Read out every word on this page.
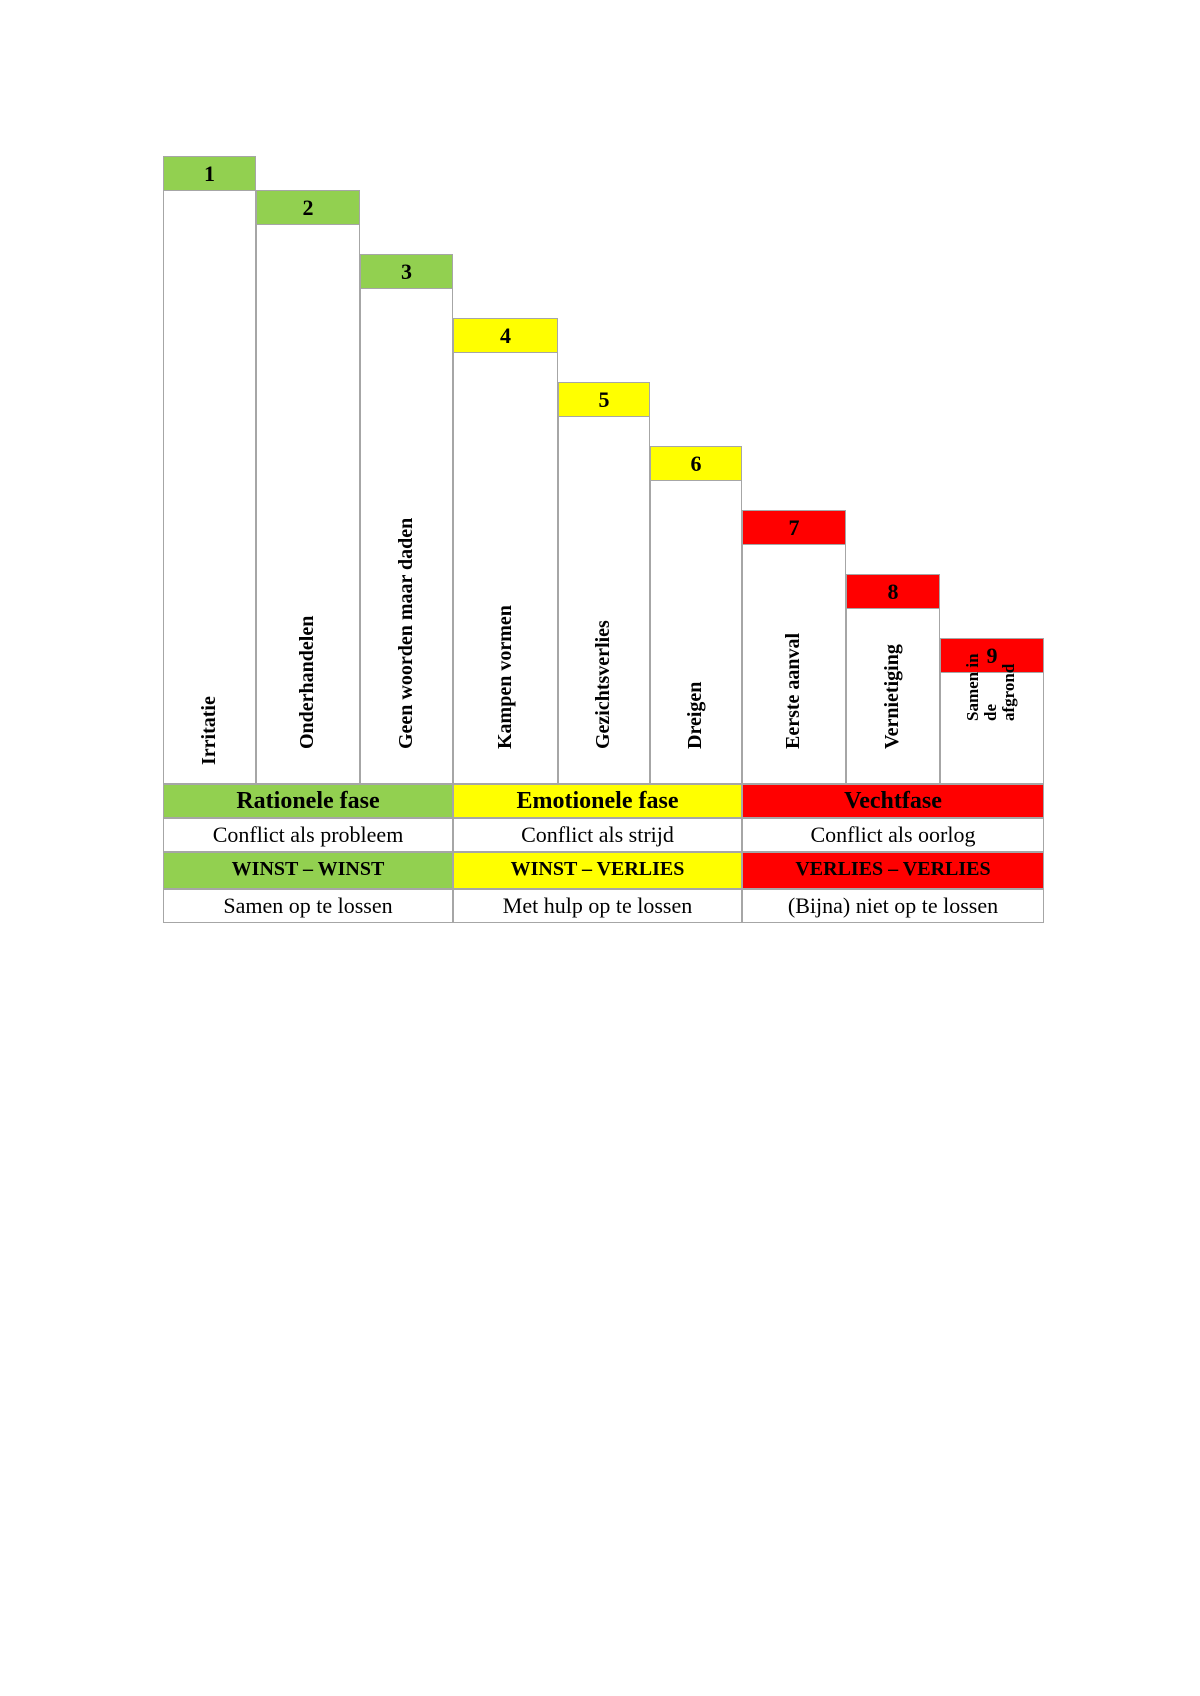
1
Irritatie
2
Onderhandelen
3
Geen woorden maar daden
4
Kampen vormen
5
Gezichtsverlies
6
Dreigen
7
Eerste aanval
8
Vernietiging	9
Samen in de afgrond
Rationele fase	Emotionele fase	Vechtfase
Conflict als probleem	Conflict als strijd	Conflict als oorlog
WINST – WINST	WINST – VERLIES	VERLIES – VERLIES
Samen op te lossen	Met hulp op te lossen	(Bijna) niet op te lossen
